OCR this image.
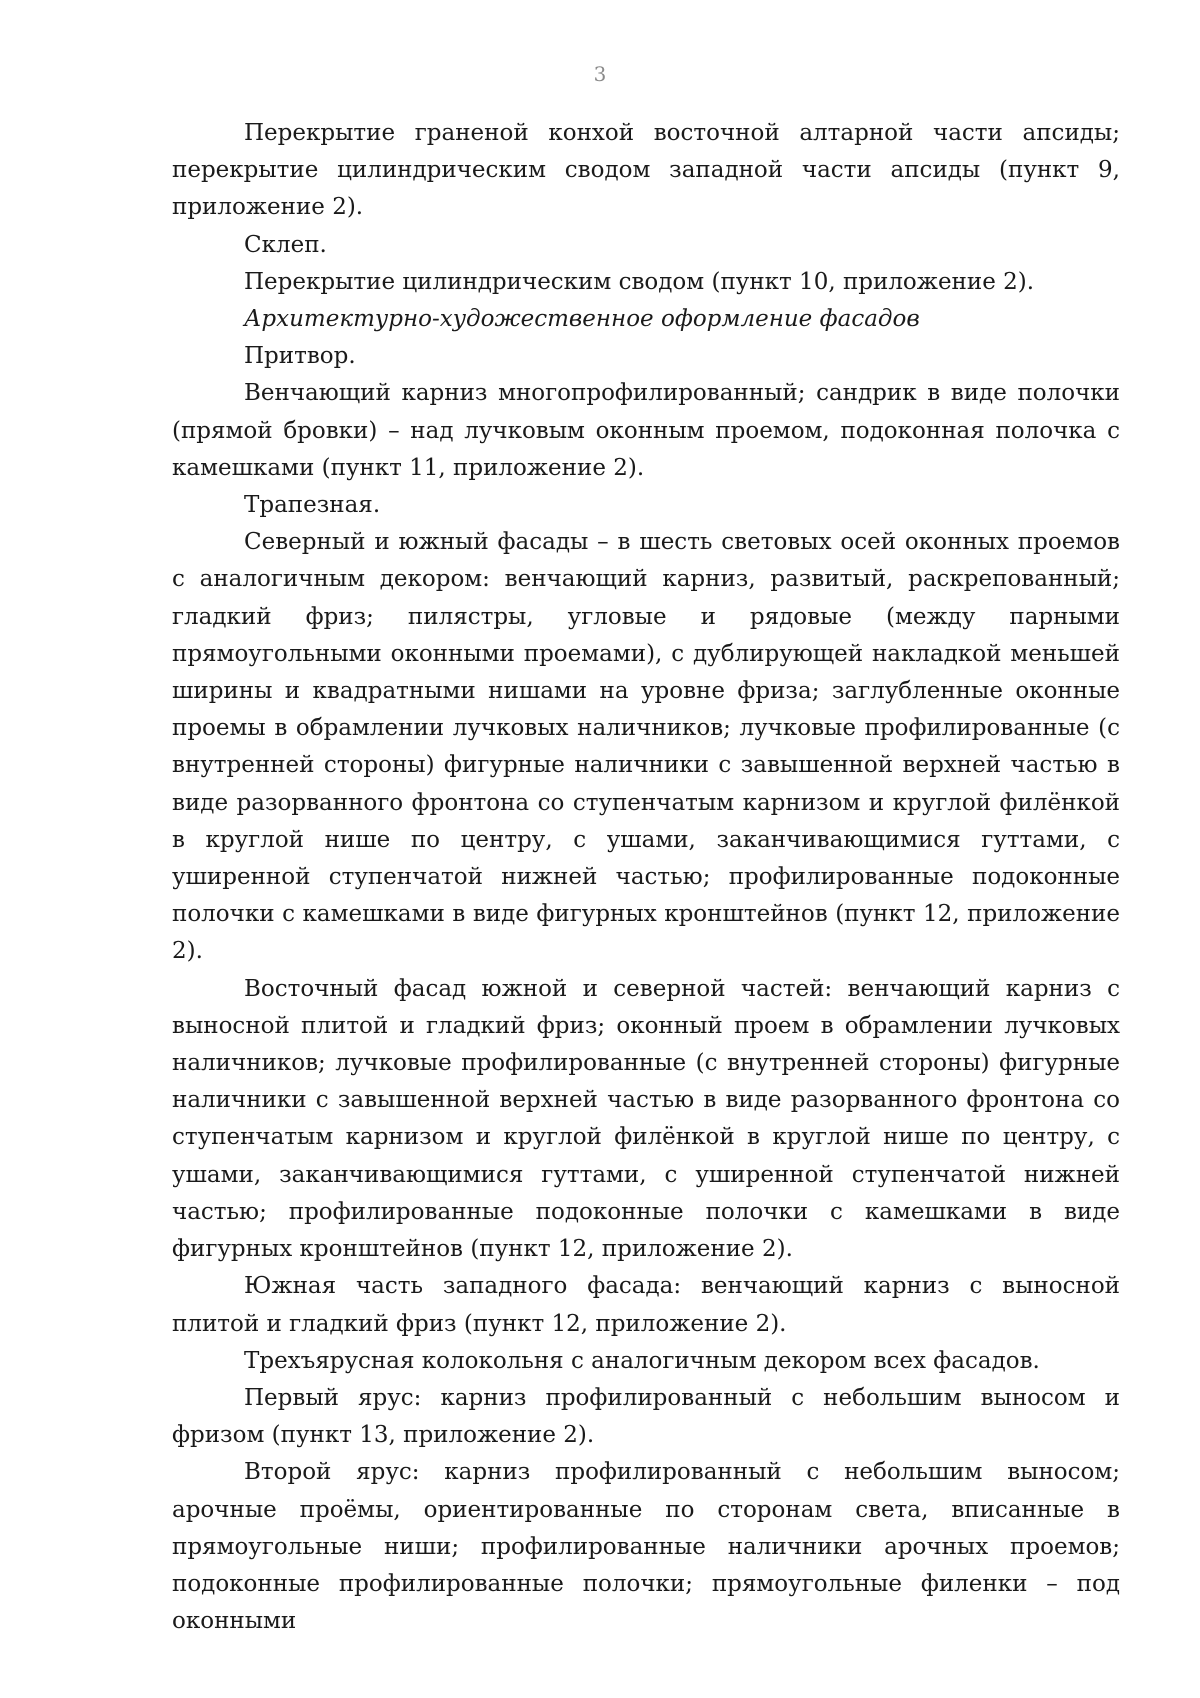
3

Перекрытие граненой конхой восточной алтарной части апсиды; перекрытие цилиндрическим сводом западной части апсиды (пункт 9, приложение 2).

Склеп.

Перекрытие цилиндрическим сводом (пункт 10, приложение 2).

Архитектурно-художественное оформление фасадов

Притвор.

Венчающий карниз многопрофилированный; сандрик в виде полочки (прямой бровки) – над лучковым оконным проемом, подоконная полочка с камешками (пункт 11, приложение 2).

Трапезная.

Северный и южный фасады – в шесть световых осей оконных проемов с аналогичным декором: венчающий карниз, развитый, раскрепованный; гладкий фриз; пилястры, угловые и рядовые (между парными прямоугольными оконными проемами), с дублирующей накладкой меньшей ширины и квадратными нишами на уровне фриза; заглубленные оконные проемы в обрамлении лучковых наличников; лучковые профилированные (с внутренней стороны) фигурные наличники с завышенной верхней частью в виде разорванного фронтона со ступенчатым карнизом и круглой филёнкой в круглой нише по центру, с ушами, заканчивающимися гуттами, с уширенной ступенчатой нижней частью; профилированные подоконные полочки с камешками в виде фигурных кронштейнов (пункт 12, приложение 2).

Восточный фасад южной и северной частей: венчающий карниз с выносной плитой и гладкий фриз; оконный проем в обрамлении лучковых наличников; лучковые профилированные (с внутренней стороны) фигурные наличники с завышенной верхней частью в виде разорванного фронтона со ступенчатым карнизом и круглой филёнкой в круглой нише по центру, с ушами, заканчивающимися гуттами, с уширенной ступенчатой нижней частью; профилированные подоконные полочки с камешками в виде фигурных кронштейнов (пункт 12, приложение 2).

Южная часть западного фасада: венчающий карниз с выносной плитой и гладкий фриз (пункт 12, приложение 2).

Трехъярусная колокольня с аналогичным декором всех фасадов.

Первый ярус: карниз профилированный с небольшим выносом и фризом (пункт 13, приложение 2).

Второй ярус: карниз профилированный с небольшим выносом; арочные проёмы, ориентированные по сторонам света, вписанные в прямоугольные ниши; профилированные наличники арочных проемов; подоконные профилированные полочки; прямоугольные филенки – под оконными
